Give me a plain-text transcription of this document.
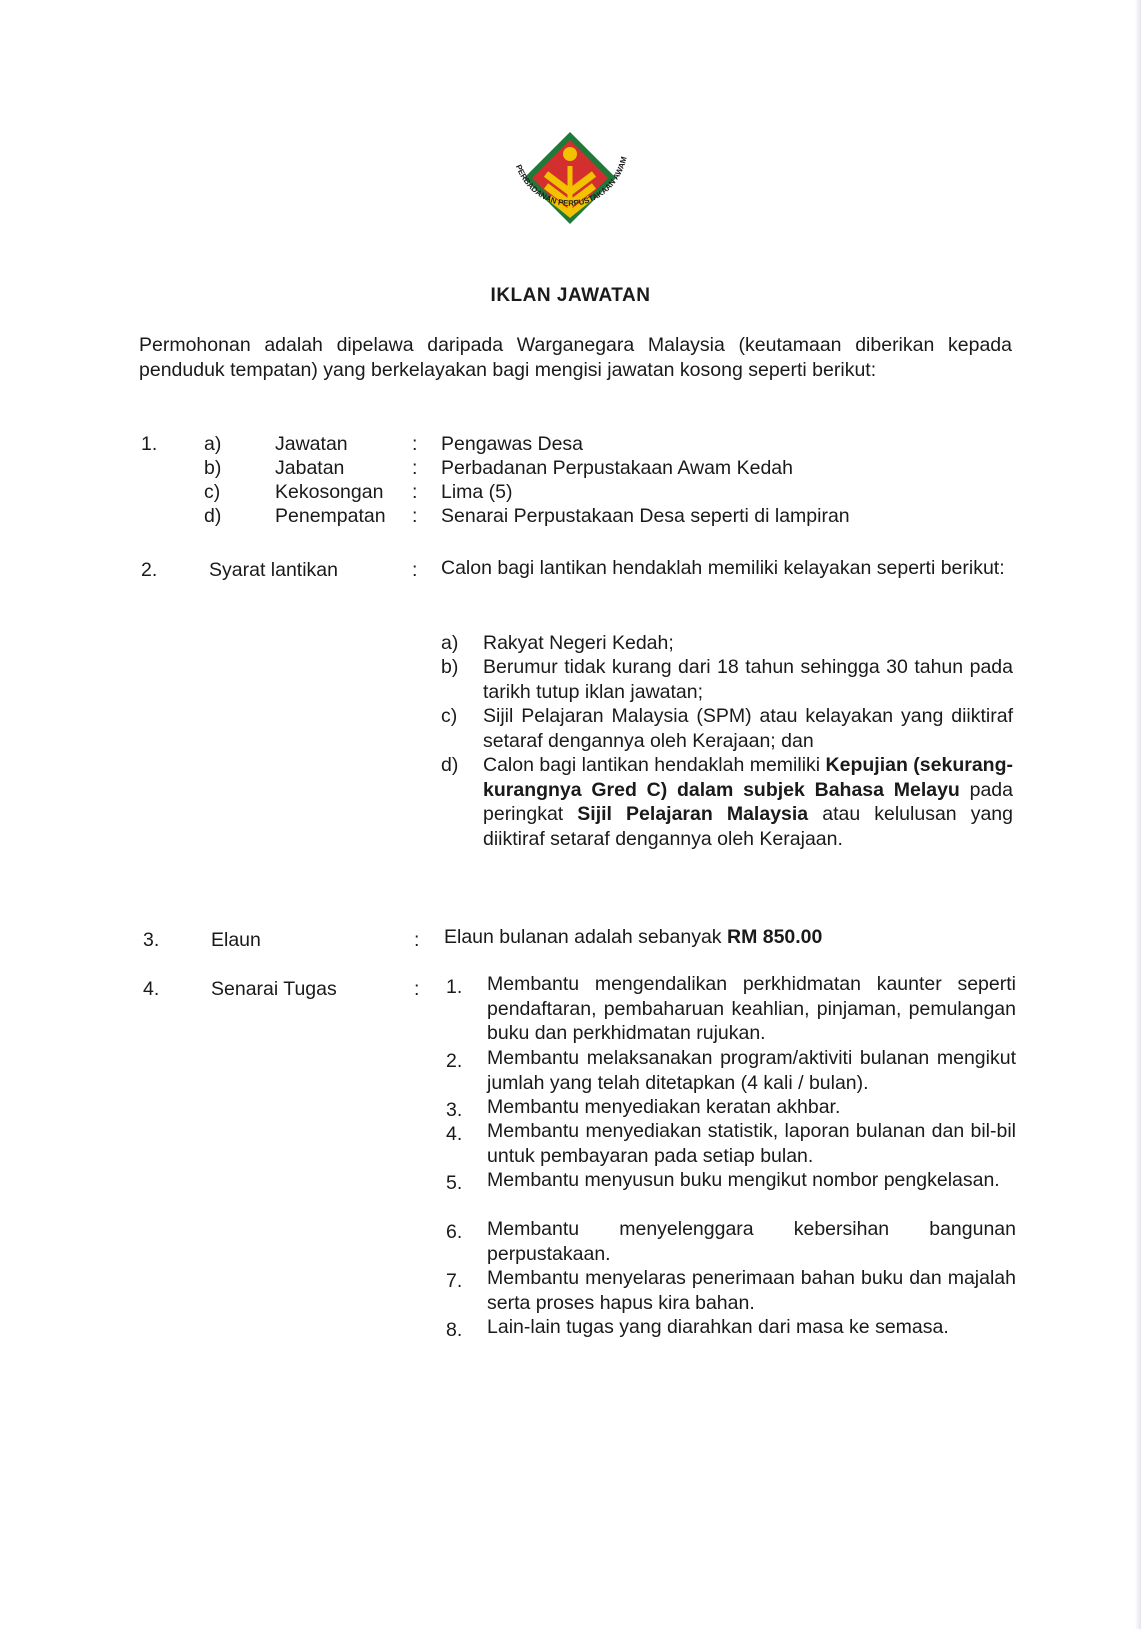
PERBADANAN PERPUSTAKAAN AWAM
IKLAN JAWATAN
Permohonan adalah dipelawa daripada Warganegara Malaysia (keutamaan diberikan kepada penduduk tempatan) yang berkelayakan bagi mengisi jawatan kosong seperti berikut:
1. a)	Jawatan	: Pengawas Desa
b)	Jabatan	: Perbadanan Perpustakaan Awam Kedah
c)	Kekosongan : Lima (5)
d)	Penempatan : Senarai Perpustakaan Desa seperti di lampiran
2.	Syarat lantikan	: Calon bagi lantikan hendaklah memiliki kelayakan seperti berikut:
a) Rakyat Negeri Kedah;
b) Berumur tidak kurang dari 18 tahun sehingga 30 tahun pada tarikh tutup iklan jawatan;
c) Sijil Pelajaran Malaysia (SPM) atau kelayakan yang diiktiraf setaraf dengannya oleh Kerajaan; dan
d) Calon bagi lantikan hendaklah memiliki Kepujian (sekurang-kurangnya Gred C) dalam subjek Bahasa Melayu pada peringkat Sijil Pelajaran Malaysia atau kelulusan yang diiktiraf setaraf dengannya oleh Kerajaan.
3.	Elaun	: Elaun bulanan adalah sebanyak RM 850.00
4.	Senarai Tugas	: 1. Membantu mengendalikan perkhidmatan kaunter seperti pendaftaran, pembaharuan keahlian, pinjaman, pemulangan buku dan perkhidmatan rujukan.
2. Membantu melaksanakan program/aktiviti bulanan mengikut jumlah yang telah ditetapkan (4 kali / bulan).
3. Membantu menyediakan keratan akhbar.
4. Membantu menyediakan statistik, laporan bulanan dan bil-bil untuk pembayaran pada setiap bulan.
5. Membantu menyusun buku mengikut nombor pengkelasan.
6. Membantu menyelenggara kebersihan bangunan perpustakaan.
7. Membantu menyelaras penerimaan bahan buku dan majalah serta proses hapus kira bahan.
8. Lain-lain tugas yang diarahkan dari masa ke semasa.
